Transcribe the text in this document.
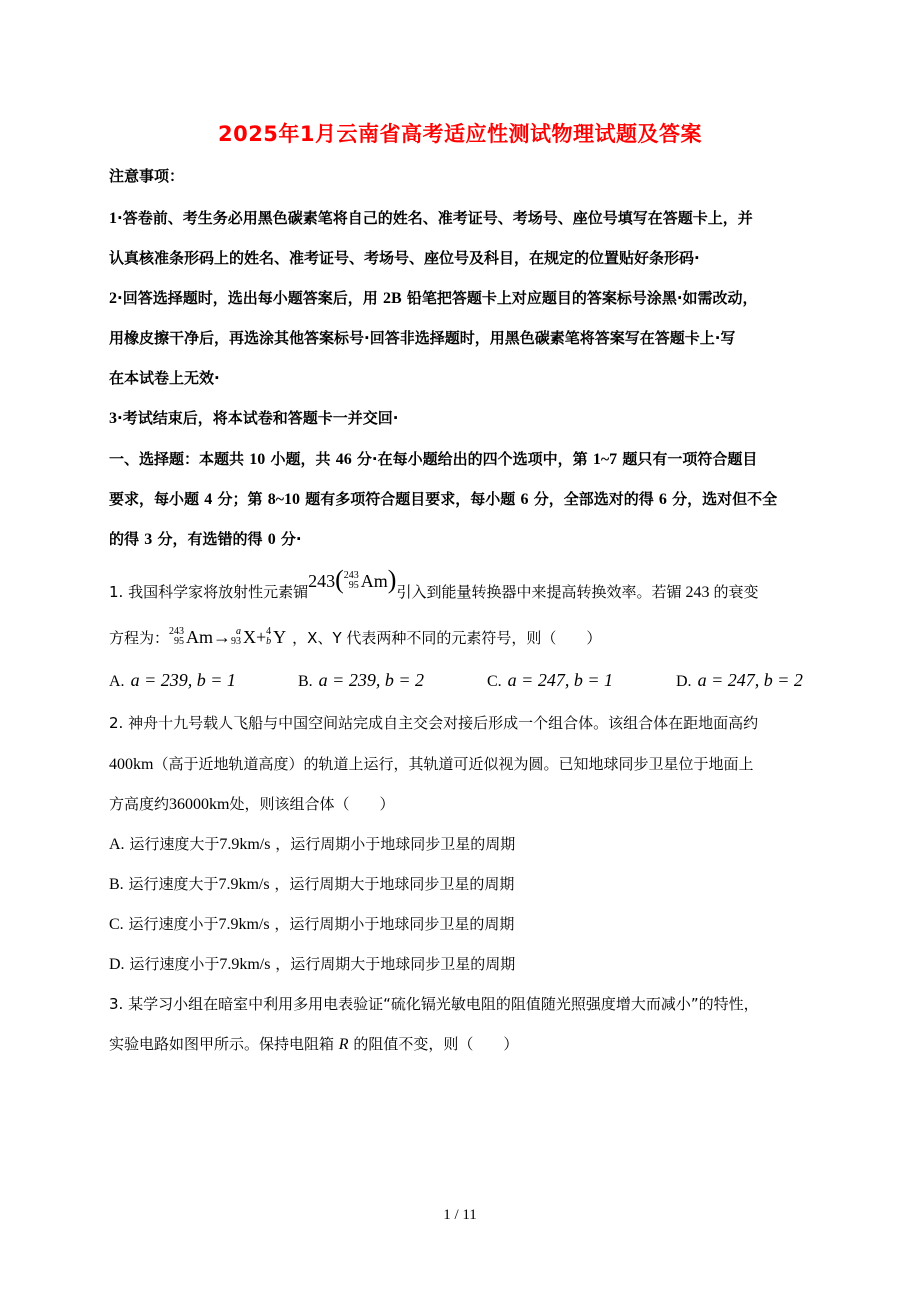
2025年1月云南省高考适应性测试物理试题及答案
注意事项：
1·答卷前、考生务必用黑色碳素笔将自己的姓名、准考证号、考场号、座位号填写在答题卡上，并
认真核准条形码上的姓名、准考证号、考场号、座位号及科目，在规定的位置贴好条形码·
2·回答选择题时，选出每小题答案后，用 2B 铅笔把答题卡上对应题目的答案标号涂黑·如需改动，
用橡皮擦干净后，再选涂其他答案标号·回答非选择题时，用黑色碳素笔将答案写在答题卡上·写
在本试卷上无效·
3·考试结束后，将本试卷和答题卡一并交回·
一、选择题：本题共 10 小题，共 46 分·在每小题给出的四个选项中，第 1~7 题只有一项符合题目
要求，每小题 4 分；第 8~10 题有多项符合题目要求，每小题 6 分，全部选对的得 6 分，选对但不全
的得 3 分，有选错的得 0 分·
1. 我国科学家将放射性元素镅243( 243
95 Am)引入到能量转换器中来提高转换效率。若镅 243 的衰变
方程为： 243
95 Am→ a
93 X+ 4
b Y ，X、Y 代表两种不同的元素符号，则（　　）
A. a = 239, b = 1	B. a = 239, b = 2	C. a = 247, b = 1	D. a = 247, b = 2
2. 神舟十九号载人飞船与中国空间站完成自主交会对接后形成一个组合体。该组合体在距地面高约
400km（高于近地轨道高度）的轨道上运行，其轨道可近似视为圆。已知地球同步卫星位于地面上
方高度约36000km处，则该组合体（　　）
A. 运行速度大于7.9km/s ，运行周期小于地球同步卫星的周期
B. 运行速度大于7.9km/s ，运行周期大于地球同步卫星的周期
C. 运行速度小于7.9km/s ，运行周期小于地球同步卫星的周期
D. 运行速度小于7.9km/s ，运行周期大于地球同步卫星的周期
3. 某学习小组在暗室中利用多用电表验证“硫化镉光敏电阻的阻值随光照强度增大而减小”的特性，
实验电路如图甲所示。保持电阻箱 R 的阻值不变，则（　　）
1 / 11
